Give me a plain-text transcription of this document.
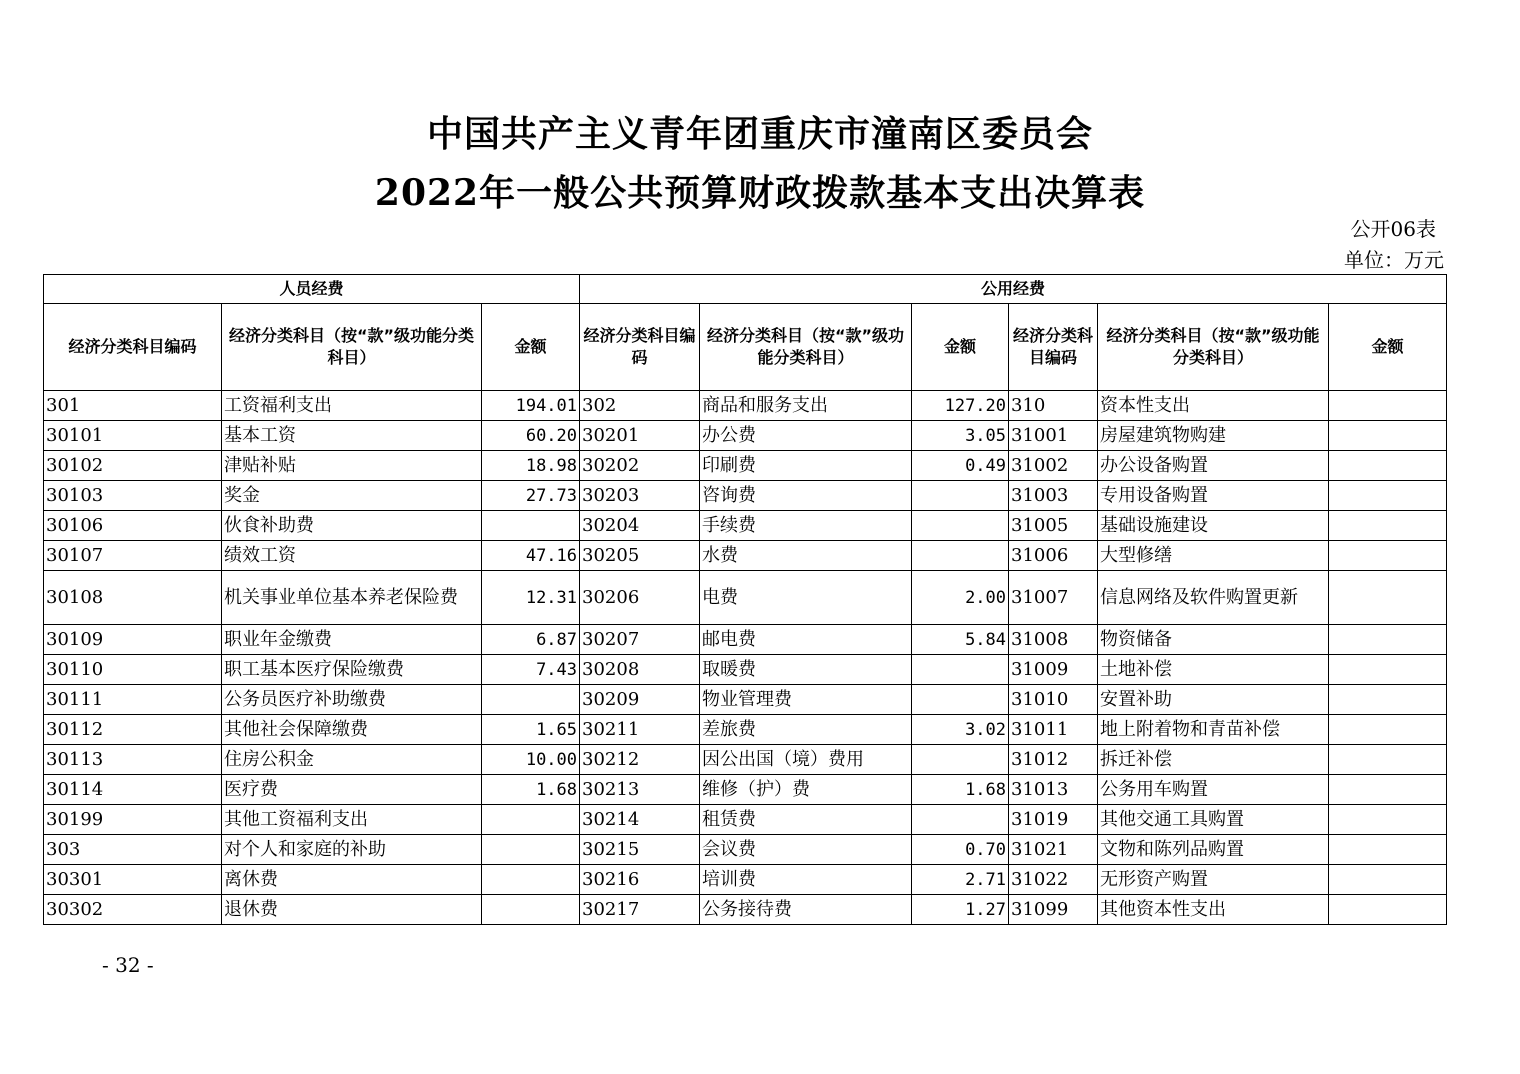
中国共产主义青年团重庆市潼南区委员会
2022年一般公共预算财政拨款基本支出决算表
公开06表
单位：万元
人员经费			公用经费					
经济分类科目编码	经济分类科目（按“款”级功能分类科目）	金额	经济分类科目编码	经济分类科目（按“款”级功能分类科目）	金额	经济分类科目编码	经济分类科目（按“款”级功能分类科目）	金额
301	工资福利支出	194.01	302	商品和服务支出	127.20	310	资本性支出	
30101	基本工资	60.20	30201	办公费	3.05	31001	房屋建筑物购建	
30102	津贴补贴	18.98	30202	印刷费	0.49	31002	办公设备购置	
30103	奖金	27.73	30203	咨询费		31003	专用设备购置	
30106	伙食补助费		30204	手续费		31005	基础设施建设	
30107	绩效工资	47.16	30205	水费		31006	大型修缮	
30108	机关事业单位基本养老保险费	12.31	30206	电费	2.00	31007	信息网络及软件购置更新	
30109	职业年金缴费	6.87	30207	邮电费	5.84	31008	物资储备	
30110	职工基本医疗保险缴费	7.43	30208	取暖费		31009	土地补偿	
30111	公务员医疗补助缴费		30209	物业管理费		31010	安置补助	
30112	其他社会保障缴费	1.65	30211	差旅费	3.02	31011	地上附着物和青苗补偿	
30113	住房公积金	10.00	30212	因公出国（境）费用		31012	拆迁补偿	
30114	医疗费	1.68	30213	维修（护）费	1.68	31013	公务用车购置	
30199	其他工资福利支出		30214	租赁费		31019	其他交通工具购置	
303	对个人和家庭的补助		30215	会议费	0.70	31021	文物和陈列品购置	
30301	离休费		30216	培训费	2.71	31022	无形资产购置	
30302	退休费		30217	公务接待费	1.27	31099	其他资本性支出	
- 32 -
